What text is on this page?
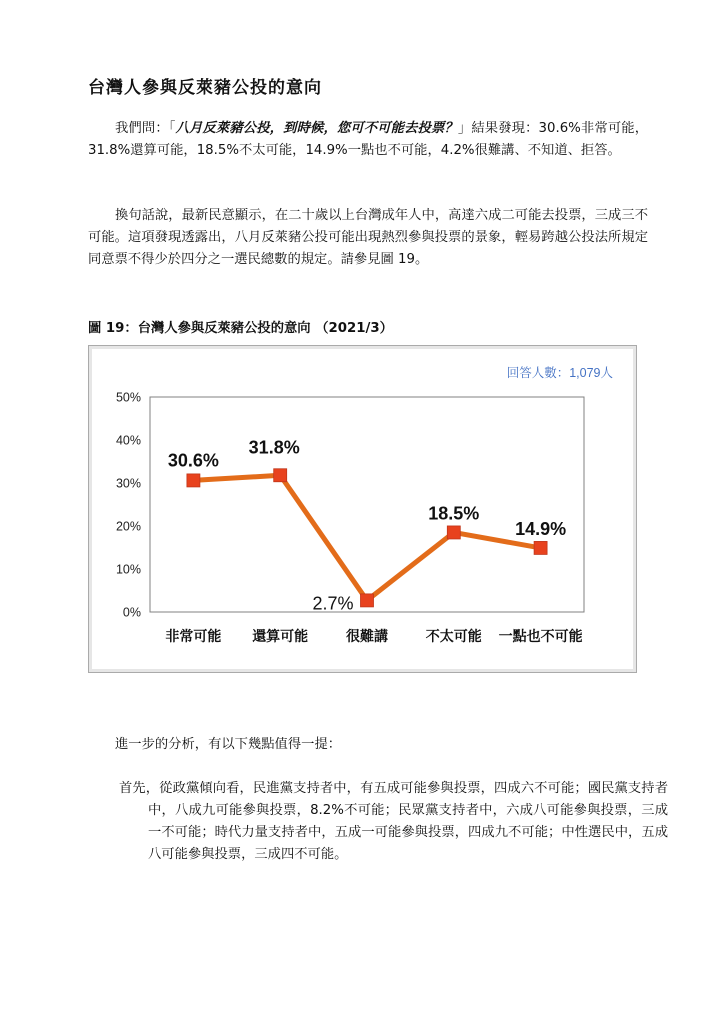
台灣人參與反萊豬公投的意向

我們問：「八月反萊豬公投，到時候，您可不可能去投票？」結果發現：30.6%非常可能，31.8%還算可能，18.5%不太可能，14.9%一點也不可能，4.2%很難講、不知道、拒答。

換句話說，最新民意顯示，在二十歲以上台灣成年人中，高達六成二可能去投票，三成三不可能。這項發現透露出，八月反萊豬公投可能出現熱烈參與投票的景象，輕易跨越公投法所規定同意票不得少於四分之一選民總數的規定。請參見圖 19。

圖 19：台灣人參與反萊豬公投的意向 （2021/3）

回答人數：1,079人
0%
10%
20%
30%
40%
50%
非常可能 還算可能	很難講	不太可能 一點也不可能
30.6%
31.8%
2.7%
18.5%
14.9%

進一步的分析，有以下幾點值得一提：

首先，從政黨傾向看，民進黨支持者中，有五成可能參與投票，四成六不可能；國民黨支持者中，八成九可能參與投票，8.2%不可能；民眾黨支持者中，六成八可能參與投票，三成一不可能；時代力量支持者中，五成一可能參與投票，四成九不可能；中性選民中，五成八可能參與投票，三成四不可能。
